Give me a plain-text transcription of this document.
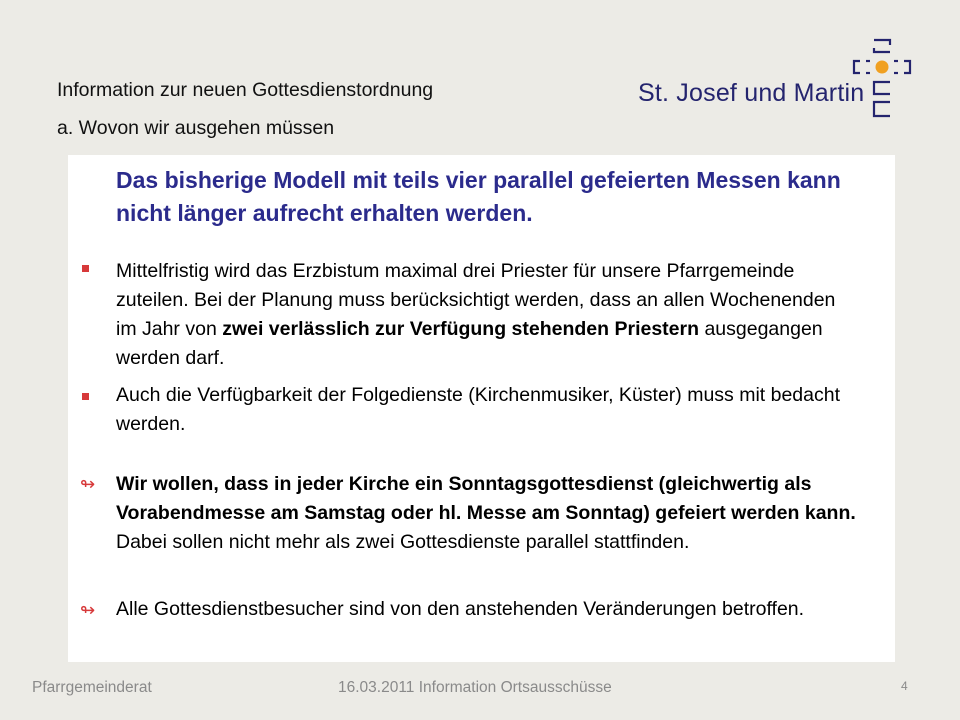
Information zur neuen Gottesdienstordnung
a. Wovon wir ausgehen müssen
St. Josef und Martin
Das bisherige Modell mit teils vier parallel gefeierten Messen kann nicht länger aufrecht erhalten werden.
Mittelfristig wird das Erzbistum maximal drei Priester für unsere Pfarrgemeinde zuteilen. Bei der Planung muss berücksichtigt werden, dass an allen Wochenenden im Jahr von zwei verlässlich zur Verfügung stehenden Priestern ausgegangen werden darf.
Auch die Verfügbarkeit der Folgedienste (Kirchenmusiker, Küster) muss mit bedacht werden.
↬ Wir wollen, dass in jeder Kirche ein Sonntagsgottesdienst (gleichwertig als Vorabendmesse am Samstag oder hl. Messe am Sonntag) gefeiert werden kann.
Dabei sollen nicht mehr als zwei Gottesdienste parallel stattfinden.
↬ Alle Gottesdienstbesucher sind von den anstehenden Veränderungen betroffen.
Pfarrgemeinderat	16.03.2011 Information Ortsausschüsse	4
